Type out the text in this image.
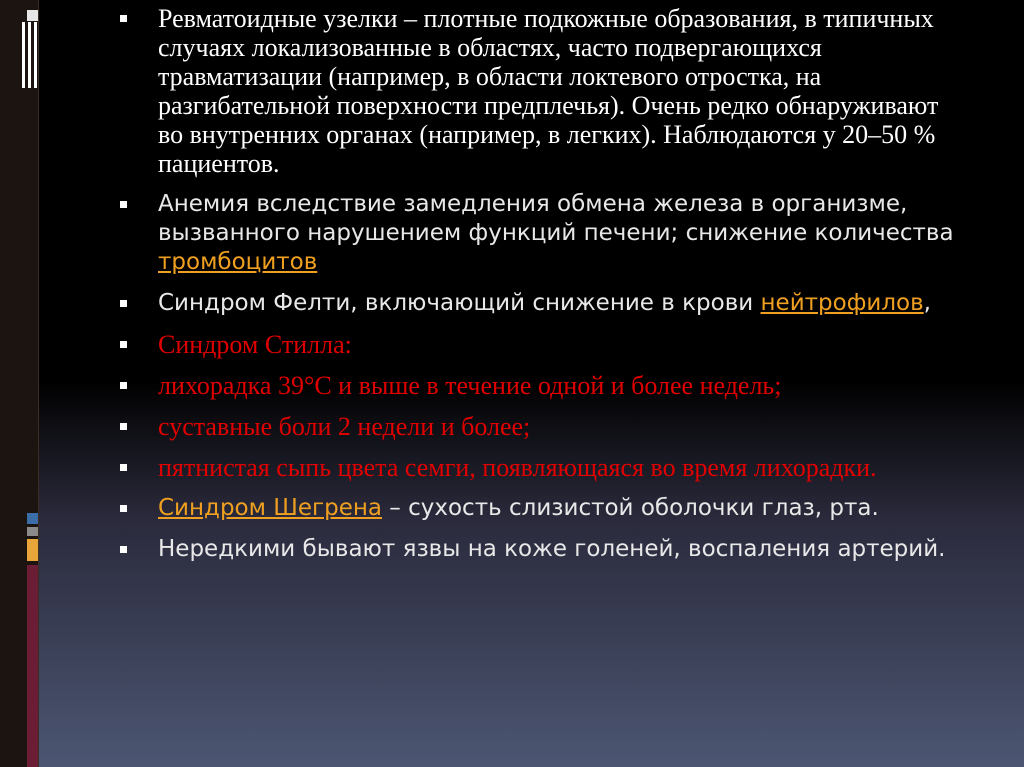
Ревматоидные узелки – плотные подкожные образования, в типичных случаях локализованные в областях, часто подвергающихся травматизации (например, в области локтевого отростка, на разгибательной поверхности предплечья). Очень редко обнаруживают во внутренних органах (например, в легких). Наблюдаются у 20–50 % пациентов.
Анемия вследствие замедления обмена железа в организме, вызванного нарушением функций печени; снижение количества тромбоцитов
Синдром Фелти, включающий снижение в крови нейтрофилов,
Синдром Стилла:
лихорадка 39°С и выше в течение одной и более недель;
суставные боли 2 недели и более;
пятнистая сыпь цвета семги, появляющаяся во время лихорадки.
Синдром Шегрена – сухость слизистой оболочки глаз, рта.
Нередкими бывают язвы на коже голеней, воспаления артерий.
